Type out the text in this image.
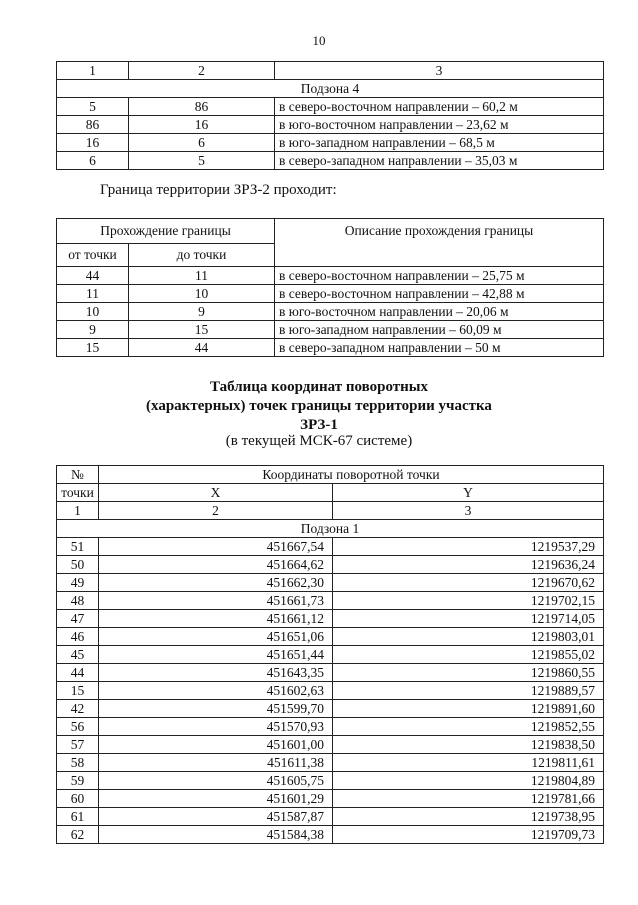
10
1	2	3
Подзона 4		
5	86	в северо-восточном направлении – 60,2 м
86	16	в юго-восточном направлении – 23,62 м
16	6	в юго-западном направлении – 68,5 м
6	5	в северо-западном направлении – 35,03 м
Граница территории ЗРЗ-2 проходит:
Прохождение границы		Описание прохождения границы
от точки	до точки	
44	11	в северо-восточном направлении – 25,75 м
11	10	в северо-восточном направлении – 42,88 м
10	9	в юго-восточном направлении – 20,06 м
9	15	в юго-западном направлении – 60,09 м
15	44	в северо-западном направлении – 50 м
Таблица координат поворотных
(характерных) точек границы территории участка
ЗРЗ-1
(в текущей МСК-67 системе)
№	Координаты поворотной точки	
точки	X	Y
1	2	3
Подзона 1		
51	451667,54	1219537,29
50	451664,62	1219636,24
49	451662,30	1219670,62
48	451661,73	1219702,15
47	451661,12	1219714,05
46	451651,06	1219803,01
45	451651,44	1219855,02
44	451643,35	1219860,55
15	451602,63	1219889,57
42	451599,70	1219891,60
56	451570,93	1219852,55
57	451601,00	1219838,50
58	451611,38	1219811,61
59	451605,75	1219804,89
60	451601,29	1219781,66
61	451587,87	1219738,95
62	451584,38	1219709,73
